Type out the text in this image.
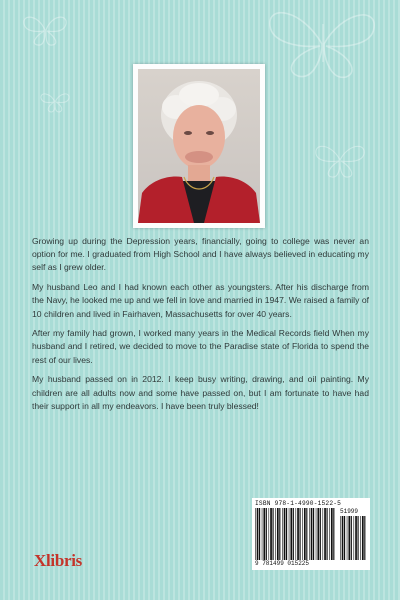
Growing up during the Depression years, financially, going to college was never an option for me. I graduated from High School and I have always believed in educating my self as I grew older.

My husband Leo and I had known each other as youngsters. After his discharge from the Navy, he looked me up and we fell in love and married in 1947. We raised a family of 10 children and lived in Fairhaven, Massachusetts for over 40 years.

After my family had grown, I worked many years in the Medical Records field When my husband and I retired, we decided to move to the Paradise state of Florida to spend the rest of our lives.

My husband passed on in 2012. I keep busy writing, drawing, and oil painting. My children are all adults now and some have passed on, but I am fortunate to have had their support in all my endeavors. I have been truly blessed!

Xlibris
ISBN 978-1-4990-1522-5
51999
9 781499 015225
